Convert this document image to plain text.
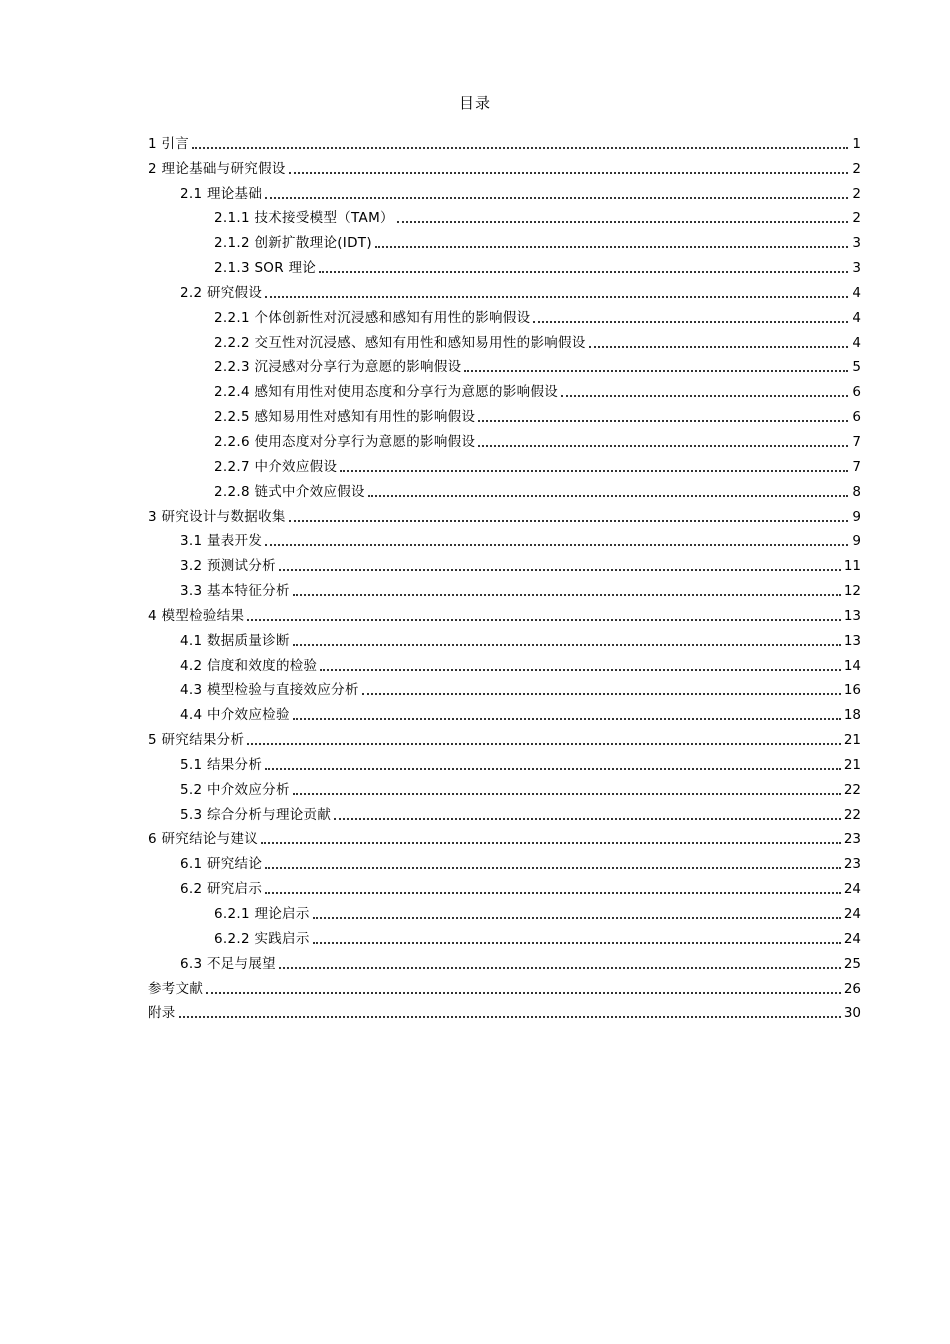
目录
1 引言	1
2 理论基础与研究假设	2
2.1 理论基础	2
2.1.1 技术接受模型（TAM）	2
2.1.2 创新扩散理论(IDT)	3
2.1.3 SOR 理论	3
2.2 研究假设	4
2.2.1 个体创新性对沉浸感和感知有用性的影响假设	4
2.2.2 交互性对沉浸感、感知有用性和感知易用性的影响假设	4
2.2.3 沉浸感对分享行为意愿的影响假设	5
2.2.4 感知有用性对使用态度和分享行为意愿的影响假设	6
2.2.5 感知易用性对感知有用性的影响假设	6
2.2.6 使用态度对分享行为意愿的影响假设	7
2.2.7 中介效应假设	7
2.2.8 链式中介效应假设	8
3 研究设计与数据收集	9
3.1 量表开发	9
3.2 预测试分析	11
3.3 基本特征分析	12
4 模型检验结果	13
4.1 数据质量诊断	13
4.2 信度和效度的检验	14
4.3 模型检验与直接效应分析	16
4.4 中介效应检验	18
5 研究结果分析	21
5.1 结果分析	21
5.2 中介效应分析	22
5.3 综合分析与理论贡献	22
6 研究结论与建议	23
6.1 研究结论	23
6.2 研究启示	24
6.2.1 理论启示	24
6.2.2 实践启示	24
6.3 不足与展望	25
参考文献	26
附录	30
